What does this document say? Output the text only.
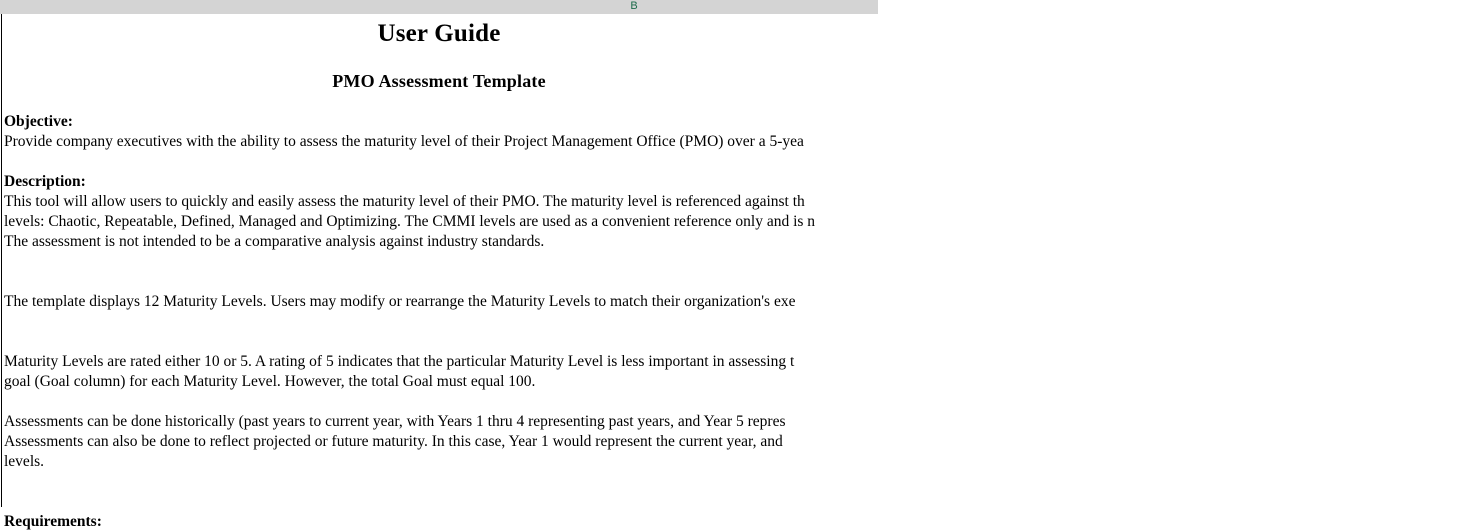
B
User Guide
PMO Assessment Template
Objective:
Provide company executives with the ability to assess the maturity level of their Project Management Office (PMO) over a 5-yea
Description:
This tool will allow users to quickly and easily assess the maturity level of their PMO. The maturity level is referenced against th
levels: Chaotic, Repeatable, Defined, Managed and Optimizing. The CMMI levels are used as a convenient reference only and is n
The assessment is not intended to be a comparative analysis against industry standards.
The template displays 12 Maturity Levels. Users may modify or rearrange the Maturity Levels to match their organization's exe
Maturity Levels are rated either 10 or 5. A rating of 5 indicates that the particular Maturity Level is less important in assessing t
goal (Goal column) for each Maturity Level. However, the total Goal must equal 100.
Assessments can be done historically (past years to current year, with Years 1 thru 4 representing past years, and Year 5 repres
Assessments can also be done to reflect projected or future maturity. In this case, Year 1 would represent the current year, and
levels.
Requirements:
